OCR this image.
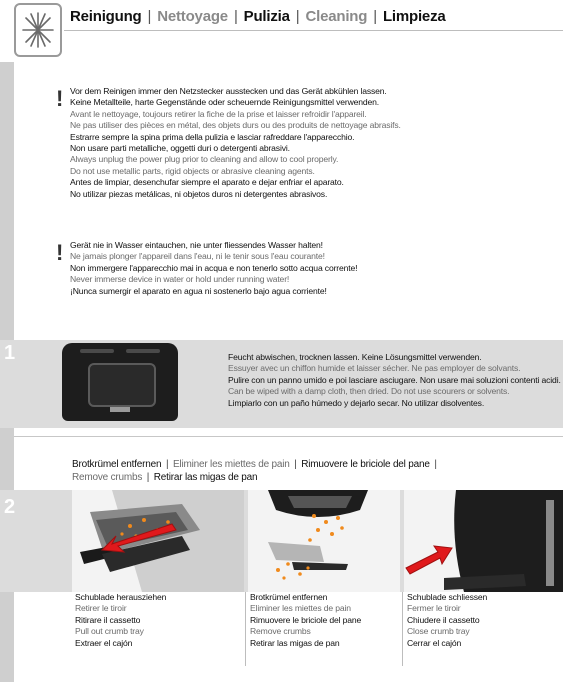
Reinigung | Nettoyage | Pulizia | Cleaning | Limpieza
! Vor dem Reinigen immer den Netzstecker ausstecken und das Gerät abkühlen lassen.
Keine Metallteile, harte Gegenstände oder scheuernde Reinigungsmittel verwenden.
Avant le nettoyage, toujours retirer la fiche de la prise et laisser refroidir l'appareil.
Ne pas utiliser des pièces en métal, des objets durs ou des produits de nettoyage abrasifs.
Estrarre sempre la spina prima della pulizia e lasciar rafreddare l'apparecchio.
Non usare parti metalliche, oggetti duri o detergenti abrasivi.
Always unplug the power plug prior to cleaning and allow to cool properly.
Do not use metallic parts, rigid objects or abrasive cleaning agents.
Antes de limpiar, desenchufar siempre el aparato e dejar enfriar el aparato.
No utilizar piezas metálicas, ni objetos duros ni detergentes abrasivos.
! Gerät nie in Wasser eintauchen, nie unter fliessendes Wasser halten!
Ne jamais plonger l'appareil dans l'eau, ni le tenir sous l'eau courante!
Non immergere l'apparecchio mai in acqua e non tenerlo sotto acqua corrente!
Never immerse device in water or hold under running water!
¡Nunca sumergir el aparato en agua ni sostenerlo bajo agua corriente!
1	Feucht abwischen, trocknen lassen. Keine Lösungsmittel verwenden.
Essuyer avec un chiffon humide et laisser sécher. Ne pas employer de solvants.
Pulire con un panno umido e poi lasciare asciugare. Non usare mai soluzioni contenti acidi.
Can be wiped with a damp cloth, then dried. Do not use scourers or solvents.
Limpiarlo con un paño húmedo y dejarlo secar. No utilizar disolventes.
Brotkrümel entfernen | Eliminer les miettes de pain | Rimuovere le briciole del pane |
Remove crumbs | Retirar las migas de pan
2
Schublade herausziehen
Retirer le tiroir
Ritirare il cassetto
Pull out crumb tray
Extraer el cajón
Brotkrümel entfernen
Eliminer les miettes de pain
Rimuovere le briciole del pane
Remove crumbs
Retirar las migas de pan
Schublade schliessen
Fermer le tiroir
Chiudere il cassetto
Close crumb tray
Cerrar el cajón
